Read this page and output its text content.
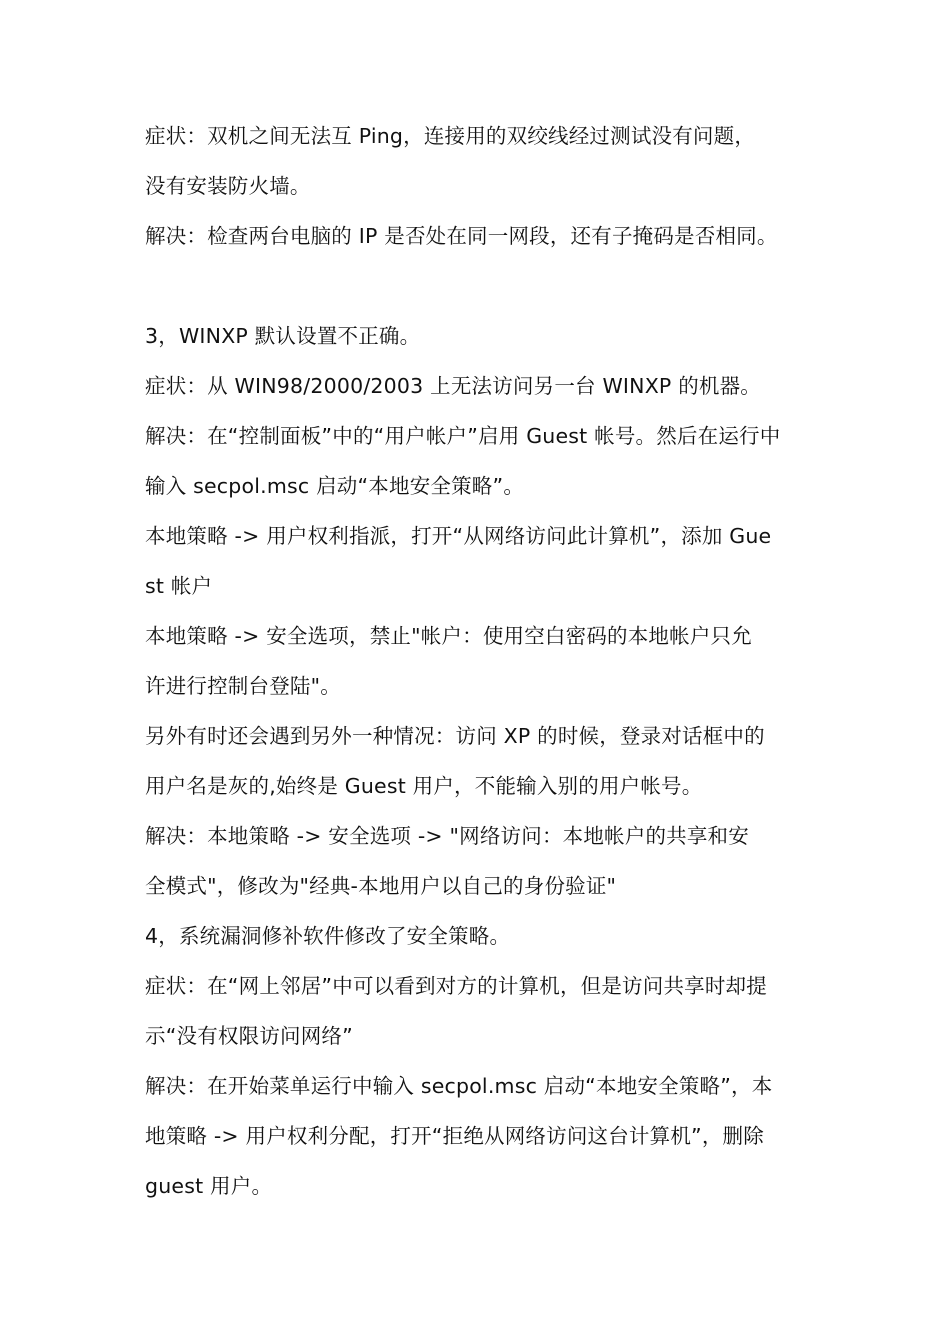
症状：双机之间无法互 Ping，连接用的双绞线经过测试没有问题，
没有安装防火墙。
解决：检查两台电脑的 IP 是否处在同一网段，还有子掩码是否相同。
3，WINXP 默认设置不正确。
症状：从 WIN98/2000/2003 上无法访问另一台 WINXP 的机器。
解决：在“控制面板”中的“用户帐户”启用 Guest 帐号。然后在运行中
输入 secpol.msc 启动“本地安全策略”。
本地策略 -> 用户权利指派，打开“从网络访问此计算机”，添加 Gue
st 帐户
本地策略 -> 安全选项，禁止"帐户：使用空白密码的本地帐户只允
许进行控制台登陆"。
另外有时还会遇到另外一种情况：访问 XP 的时候，登录对话框中的
用户名是灰的,始终是 Guest 用户，不能输入别的用户帐号。
解决：本地策略 -> 安全选项 -> "网络访问：本地帐户的共享和安
全模式"，修改为"经典-本地用户以自己的身份验证"
4，系统漏洞修补软件修改了安全策略。
症状：在“网上邻居”中可以看到对方的计算机，但是访问共享时却提
示“没有权限访问网络”
解决：在开始菜单运行中输入 secpol.msc 启动“本地安全策略”，本
地策略 -> 用户权利分配，打开“拒绝从网络访问这台计算机”，删除
guest 用户。
